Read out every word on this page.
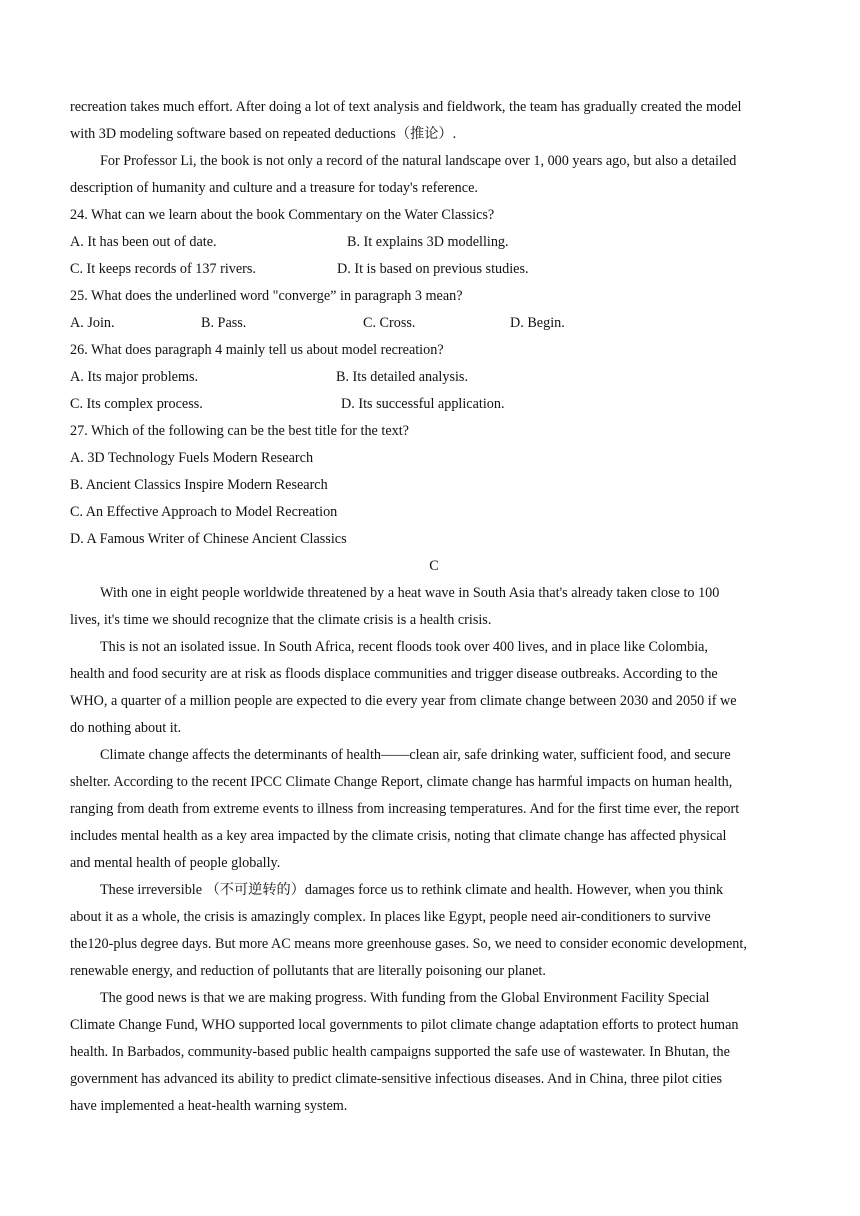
recreation takes much effort. After doing a lot of text analysis and fieldwork, the team has gradually created the model
with 3D modeling software based on repeated deductions（推论）.
For Professor Li, the book is not only a record of the natural landscape over 1, 000 years ago, but also a detailed
description of humanity and culture and a treasure for today's reference.
24. What can we learn about the book Commentary on the Water Classics?
A. It has been out of date.	B. It explains 3D modelling.
C. It keeps records of 137 rivers.	D. It is based on previous studies.
25. What does the underlined word "converge” in paragraph 3 mean?
A. Join.	B. Pass.	C. Cross.	D. Begin.
26. What does paragraph 4 mainly tell us about model recreation?
A. Its major problems.	B. Its detailed analysis.
C. Its complex process.	D. Its successful application.
27. Which of the following can be the best title for the text?
A. 3D Technology Fuels Modern Research
B. Ancient Classics Inspire Modern Research
C. An Effective Approach to Model Recreation
D. A Famous Writer of Chinese Ancient Classics
C
With one in eight people worldwide threatened by a heat wave in South Asia that's already taken close to 100
lives, it's time we should recognize that the climate crisis is a health crisis.
This is not an isolated issue. In South Africa, recent floods took over 400 lives, and in place like Colombia,
health and food security are at risk as floods displace communities and trigger disease outbreaks. According to the
WHO, a quarter of a million people are expected to die every year from climate change between 2030 and 2050 if we
do nothing about it.
Climate change affects the determinants of health——clean air, safe drinking water, sufficient food, and secure
shelter. According to the recent IPCC Climate Change Report, climate change has harmful impacts on human health,
ranging from death from extreme events to illness from increasing temperatures. And for the first time ever, the report
includes mental health as a key area impacted by the climate crisis, noting that climate change has affected physical
and mental health of people globally.
These irreversible （不可逆转的）damages force us to rethink climate and health. However, when you think
about it as a whole, the crisis is amazingly complex. In places like Egypt, people need air-conditioners to survive
the120-plus degree days. But more AC means more greenhouse gases. So, we need to consider economic development,
renewable energy, and reduction of pollutants that are literally poisoning our planet.
The good news is that we are making progress. With funding from the Global Environment Facility Special
Climate Change Fund, WHO supported local governments to pilot climate change adaptation efforts to protect human
health. In Barbados, community-based public health campaigns supported the safe use of wastewater. In Bhutan, the
government has advanced its ability to predict climate-sensitive infectious diseases. And in China, three pilot cities
have implemented a heat-health warning system.
